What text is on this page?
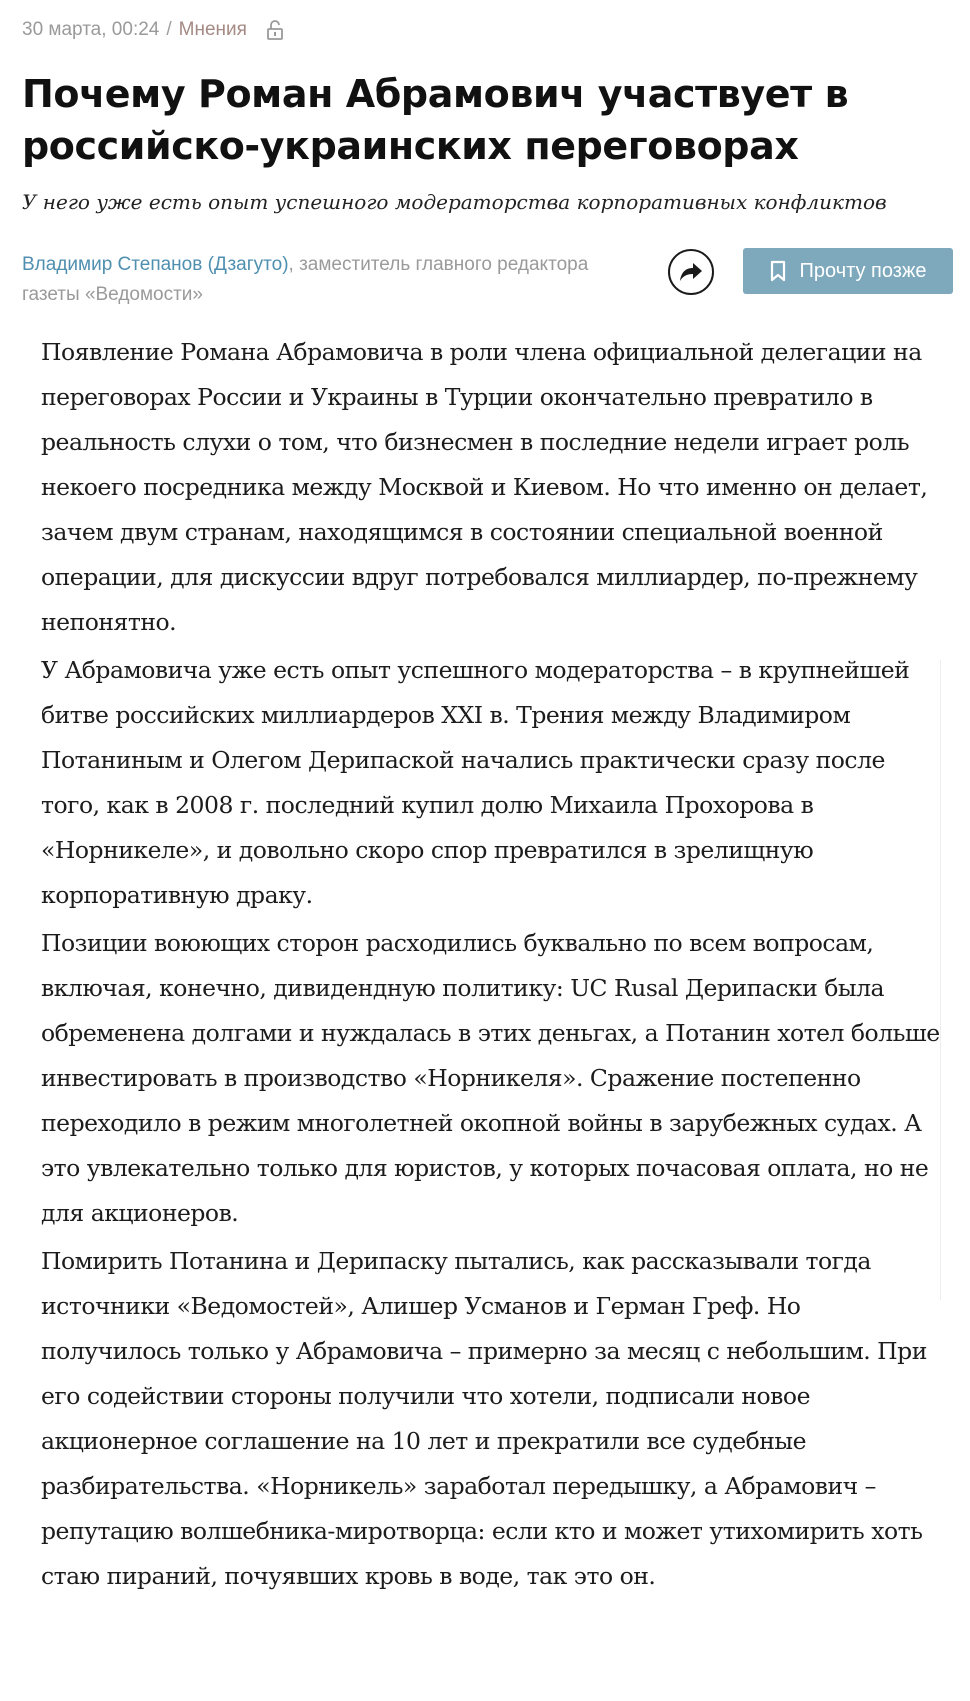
30 марта, 00:24 / Мнения
Почему Роман Абрамович участвует в российско-украинских переговорах
У него уже есть опыт успешного модераторства корпоративных конфликтов
Владимир Степанов (Дзагуто), заместитель главного редактора газеты «Ведомости»
Прочту позже

Появление Романа Абрамовича в роли члена официальной делегации на переговорах России и Украины в Турции окончательно превратило в реальность слухи о том, что бизнесмен в последние недели играет роль некоего посредника между Москвой и Киевом. Но что именно он делает, зачем двум странам, находящимся в состоянии специальной военной операции, для дискуссии вдруг потребовался миллиардер, по-прежнему непонятно.

У Абрамовича уже есть опыт успешного модераторства – в крупнейшей битве российских миллиардеров XXI в. Трения между Владимиром Потаниным и Олегом Дерипаской начались практически сразу после того, как в 2008 г. последний купил долю Михаила Прохорова в «Норникеле», и довольно скоро спор превратился в зрелищную корпоративную драку.

Позиции воюющих сторон расходились буквально по всем вопросам, включая, конечно, дивидендную политику: UC Rusal Дерипаски была обременена долгами и нуждалась в этих деньгах, а Потанин хотел больше инвестировать в производство «Норникеля». Сражение постепенно переходило в режим многолетней окопной войны в зарубежных судах. А это увлекательно только для юристов, у которых почасовая оплата, но не для акционеров.

Помирить Потанина и Дерипаску пытались, как рассказывали тогда источники «Ведомостей», Алишер Усманов и Герман Греф. Но получилось только у Абрамовича – примерно за месяц с небольшим. При его содействии стороны получили что хотели, подписали новое акционерное соглашение на 10 лет и прекратили все судебные разбирательства. «Норникель» заработал передышку, а Абрамович – репутацию волшебника-миротворца: если кто и может утихомирить хоть стаю пираний, почуявших кровь в воде, так это он.
